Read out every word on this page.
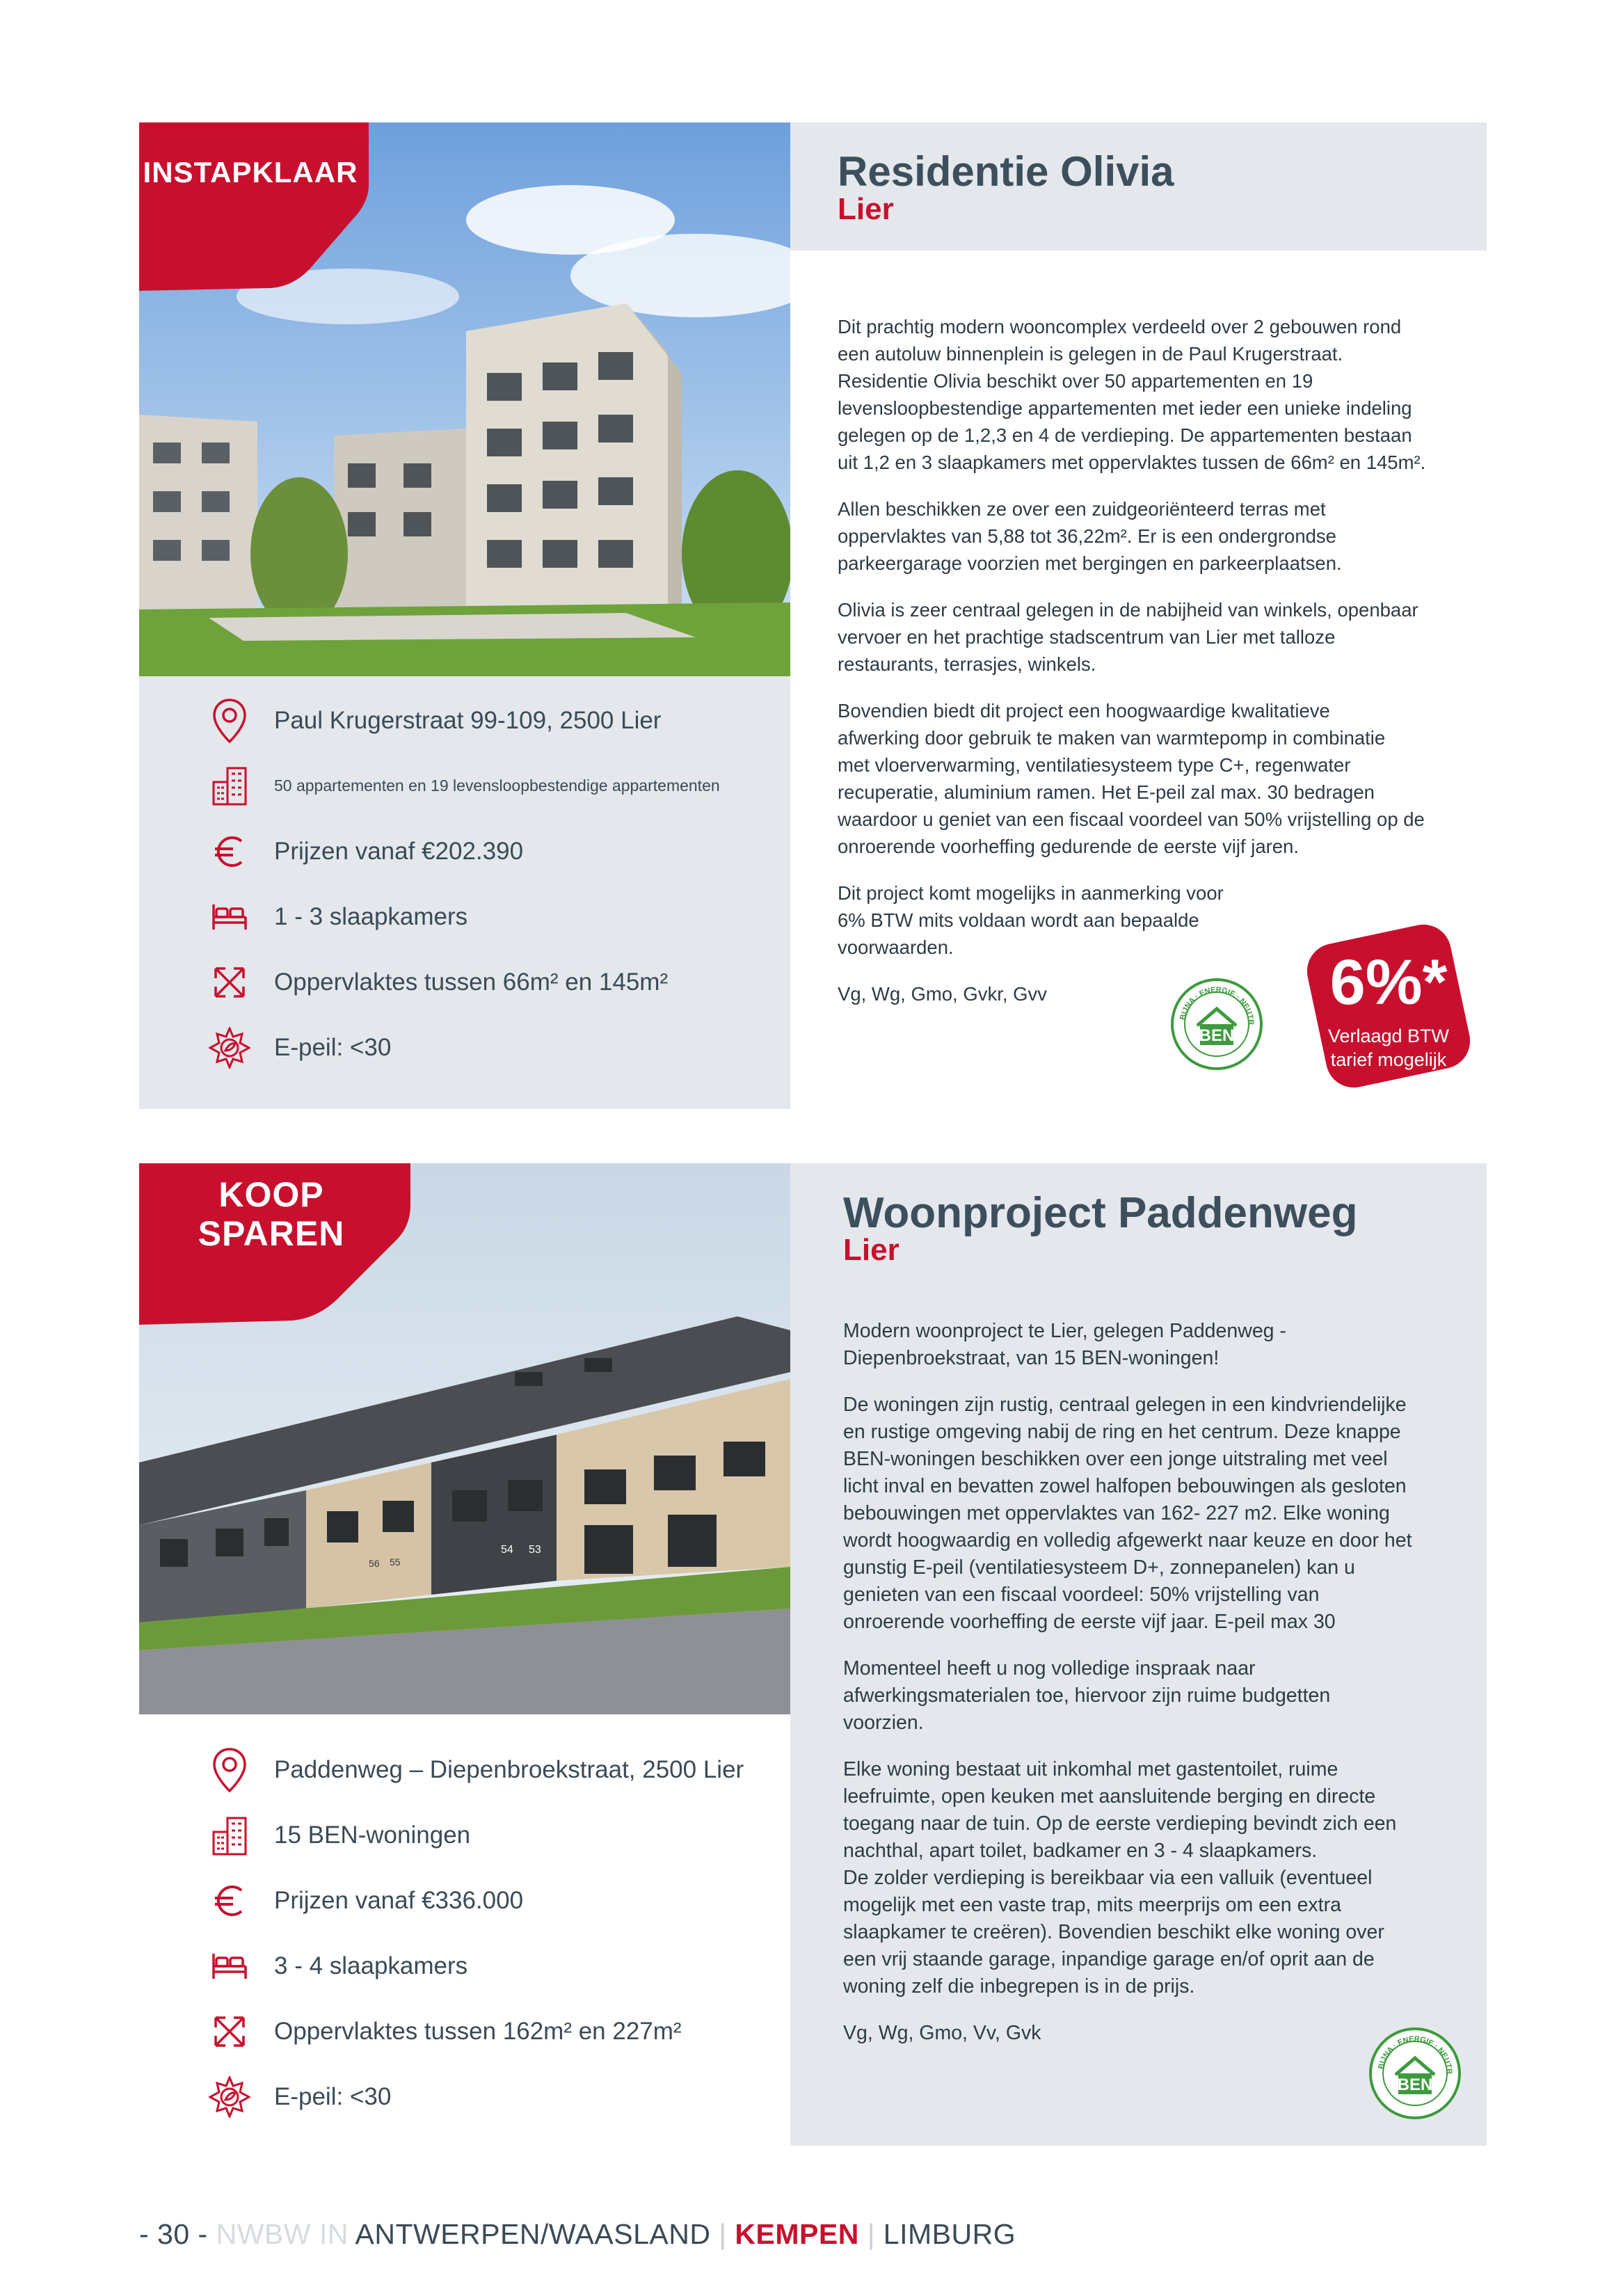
INSTAPKLAAR
Paul Krugerstraat 99-109, 2500 Lier
50 appartementen en 19 levensloopbestendige appartementen
Prijzen vanaf €202.390
1 - 3 slaapkamers
Oppervlaktes tussen 66m² en 145m²
E-peil: <30
Residentie Olivia
Lier

Dit prachtig modern wooncomplex verdeeld over 2 gebouwen rond
een autoluw binnenplein is gelegen in de Paul Krugerstraat.
Residentie Olivia beschikt over 50 appartementen en 19
levensloopbestendige appartementen met ieder een unieke indeling
gelegen op de 1,2,3 en 4 de verdieping. De appartementen bestaan
uit 1,2 en 3 slaapkamers met oppervlaktes tussen de 66m² en 145m².

Allen beschikken ze over een zuidgeoriënteerd terras met
oppervlaktes van 5,88 tot 36,22m². Er is een ondergrondse
parkeergarage voorzien met bergingen en parkeerplaatsen.

Olivia is zeer centraal gelegen in de nabijheid van winkels, openbaar
vervoer en het prachtige stadscentrum van Lier met talloze
restaurants, terrasjes, winkels.

Bovendien biedt dit project een hoogwaardige kwalitatieve
afwerking door gebruik te maken van warmtepomp in combinatie
met vloerverwarming, ventilatiesysteem type C+, regenwater
recuperatie, aluminium ramen. Het E-peil zal max. 30 bedragen
waardoor u geniet van een fiscaal voordeel van 50% vrijstelling op de
onroerende voorheffing gedurende de eerste vijf jaren.

Dit project komt mogelijks in aanmerking voor
6% BTW mits voldaan wordt aan bepaalde
voorwaarden.

Vg, Wg, Gmo, Gvkr, Gvv

BIJNA · ENERGIE · NEUTR
BEN
6%*
Verlaagd BTW
tarief mogelijk
54 53
56 55
KOOP
SPAREN
Paddenweg – Diepenbroekstraat, 2500 Lier
15 BEN-woningen
Prijzen vanaf €336.000
3 - 4 slaapkamers
Oppervlaktes tussen 162m² en 227m²
E-peil: <30
Woonproject Paddenweg
Lier

Modern woonproject te Lier, gelegen Paddenweg -
Diepenbroekstraat, van 15 BEN-woningen!

De woningen zijn rustig, centraal gelegen in een kindvriendelijke
en rustige omgeving nabij de ring en het centrum. Deze knappe
BEN-woningen beschikken over een jonge uitstraling met veel
licht inval en bevatten zowel halfopen bebouwingen als gesloten
bebouwingen met oppervlaktes van 162- 227 m2. Elke woning
wordt hoogwaardig en volledig afgewerkt naar keuze en door het
gunstig E-peil (ventilatiesysteem D+, zonnepanelen) kan u
genieten van een fiscaal voordeel: 50% vrijstelling van
onroerende voorheffing de eerste vijf jaar. E-peil max 30

Momenteel heeft u nog volledige inspraak naar
afwerkingsmaterialen toe, hiervoor zijn ruime budgetten
voorzien.

Elke woning bestaat uit inkomhal met gastentoilet, ruime
leefruimte, open keuken met aansluitende berging en directe
toegang naar de tuin. Op de eerste verdieping bevindt zich een
nachthal, apart toilet, badkamer en 3 - 4 slaapkamers.
De zolder verdieping is bereikbaar via een valluik (eventueel
mogelijk met een vaste trap, mits meerprijs om een extra
slaapkamer te creëren). Bovendien beschikt elke woning over
een vrij staande garage, inpandige garage en/of oprit aan de
woning zelf die inbegrepen is in de prijs.

Vg, Wg, Gmo, Vv, Gvk

BIJNA · ENERGIE · NEUTR
BEN
- 30 - NWBW IN ANTWERPEN/WAASLAND | KEMPEN | LIMBURG
